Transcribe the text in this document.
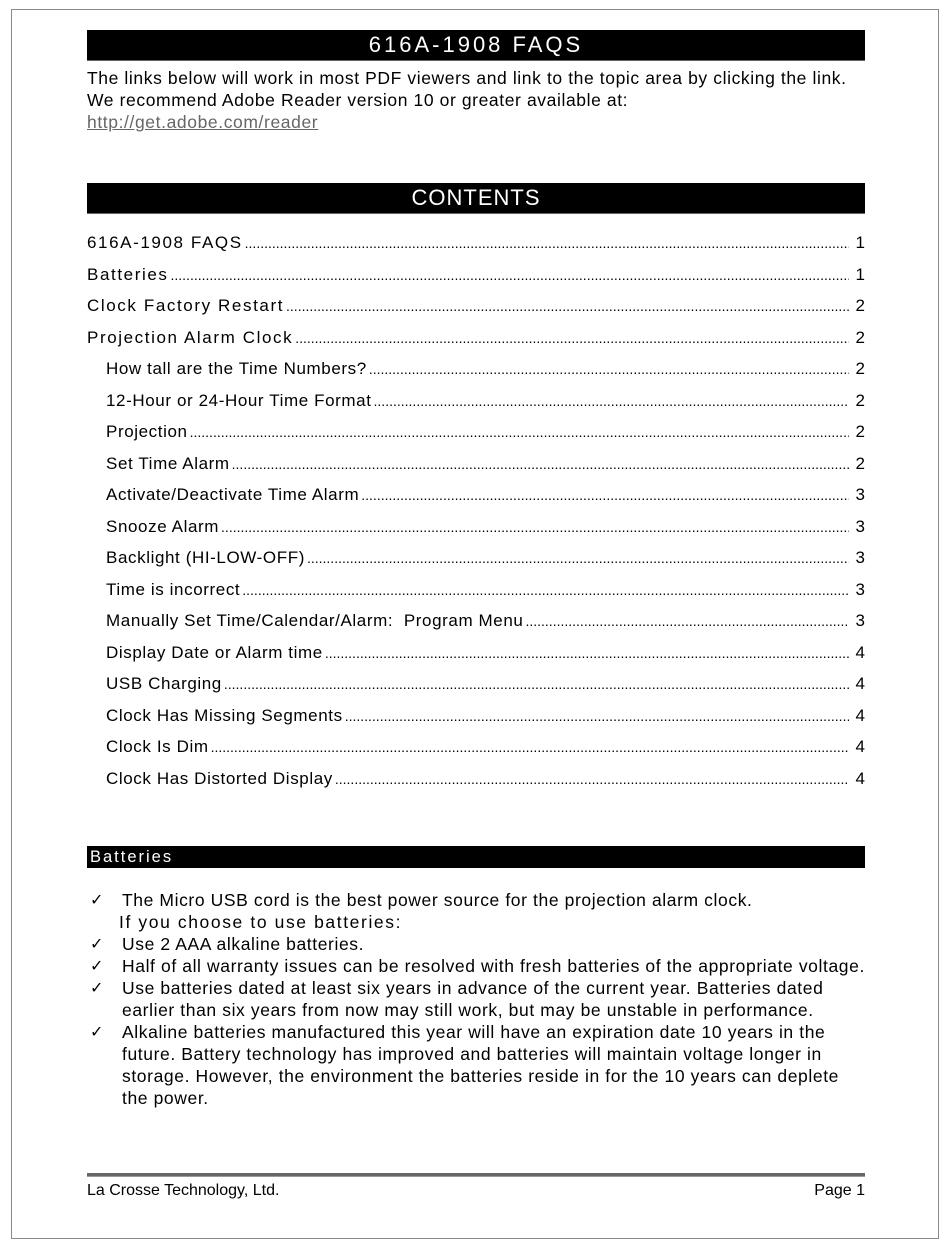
616A-1908 FAQS
The links below will work in most PDF viewers and link to the topic area by clicking the link. We recommend Adobe Reader version 10 or greater available at:
http://get.adobe.com/reader
CONTENTS
616A-1908 FAQS .....	1
Batteries .....	1
Clock Factory Restart .....	2
Projection Alarm Clock .....	2
How tall are the Time Numbers? .....	2
12-Hour or 24-Hour Time Format .....	2
Projection .....	2
Set Time Alarm .....	2
Activate/Deactivate Time Alarm .....	3
Snooze Alarm .....	3
Backlight (HI-LOW-OFF) .....	3
Time is incorrect .....	3
Manually Set Time/Calendar/Alarm:  Program Menu .....	3
Display Date or Alarm time .....	4
USB Charging .....	4
Clock Has Missing Segments .....	4
Clock Is Dim .....	4
Clock Has Distorted Display .....	4
Batteries
✓	The Micro USB cord is the best power source for the projection alarm clock.
If you choose to use batteries:
✓	Use 2 AAA alkaline batteries.
✓	Half of all warranty issues can be resolved with fresh batteries of the appropriate voltage.
✓	Use batteries dated at least six years in advance of the current year. Batteries dated earlier than six years from now may still work, but may be unstable in performance.
✓	Alkaline batteries manufactured this year will have an expiration date 10 years in the future. Battery technology has improved and batteries will maintain voltage longer in storage. However, the environment the batteries reside in for the 10 years can deplete the power.
La Crosse Technology, Ltd.	Page 1
